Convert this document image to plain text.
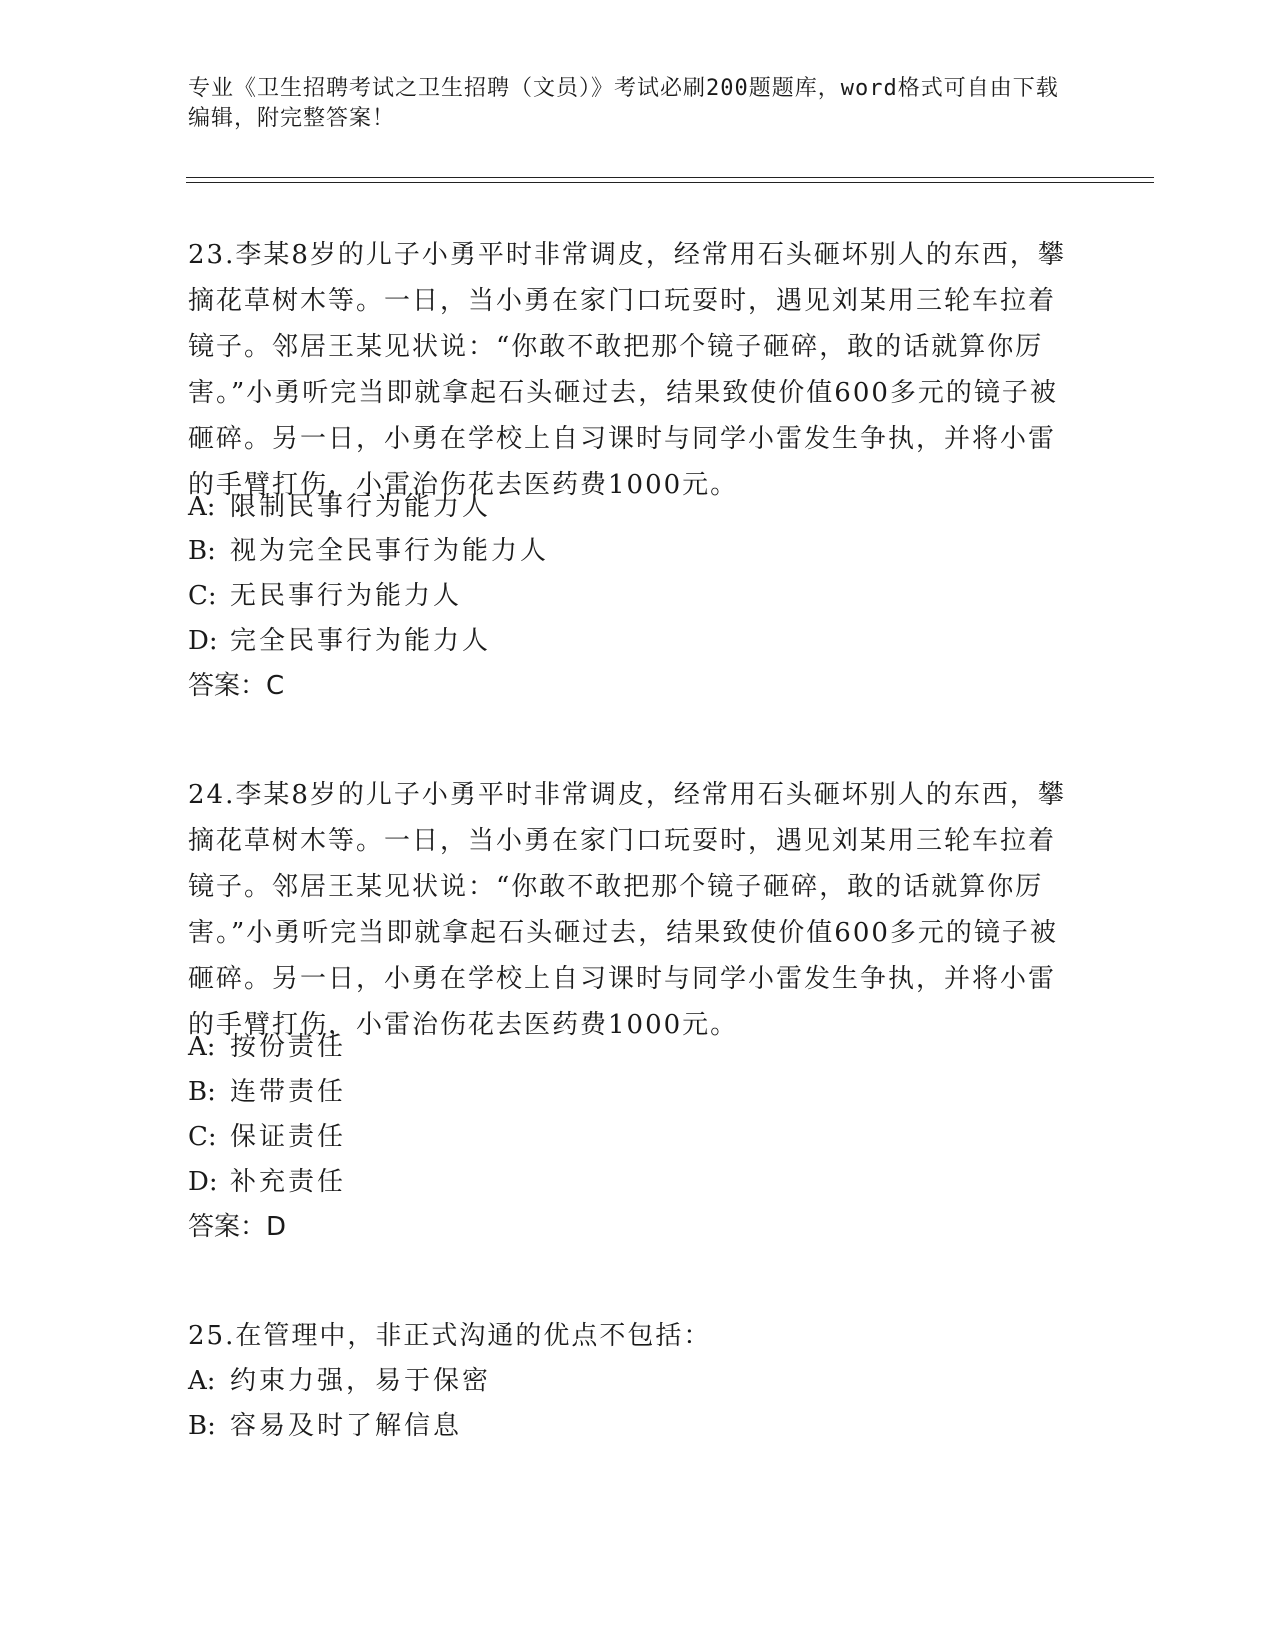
专业《卫生招聘考试之卫生招聘（文员）》考试必刷200题题库，word格式可自由下载编辑，附完整答案！

23.李某8岁的儿子小勇平时非常调皮，经常用石头砸坏别人的东西，攀摘花草树木等。一日，当小勇在家门口玩耍时，遇见刘某用三轮车拉着镜子。邻居王某见状说：“你敢不敢把那个镜子砸碎，敢的话就算你厉害。”小勇听完当即就拿起石头砸过去，结果致使价值600多元的镜子被砸碎。另一日，小勇在学校上自习课时与同学小雷发生争执，并将小雷的手臂打伤，小雷治伤花去医药费1000元。

A: 限制民事行为能力人
B: 视为完全民事行为能力人
C: 无民事行为能力人
D: 完全民事行为能力人
答案：C

24.李某8岁的儿子小勇平时非常调皮，经常用石头砸坏别人的东西，攀摘花草树木等。一日，当小勇在家门口玩耍时，遇见刘某用三轮车拉着镜子。邻居王某见状说：“你敢不敢把那个镜子砸碎，敢的话就算你厉害。”小勇听完当即就拿起石头砸过去，结果致使价值600多元的镜子被砸碎。另一日，小勇在学校上自习课时与同学小雷发生争执，并将小雷的手臂打伤，小雷治伤花去医药费1000元。

A: 按份责任
B: 连带责任
C: 保证责任
D: 补充责任
答案：D

25.在管理中，非正式沟通的优点不包括：

A: 约束力强，易于保密
B: 容易及时了解信息
